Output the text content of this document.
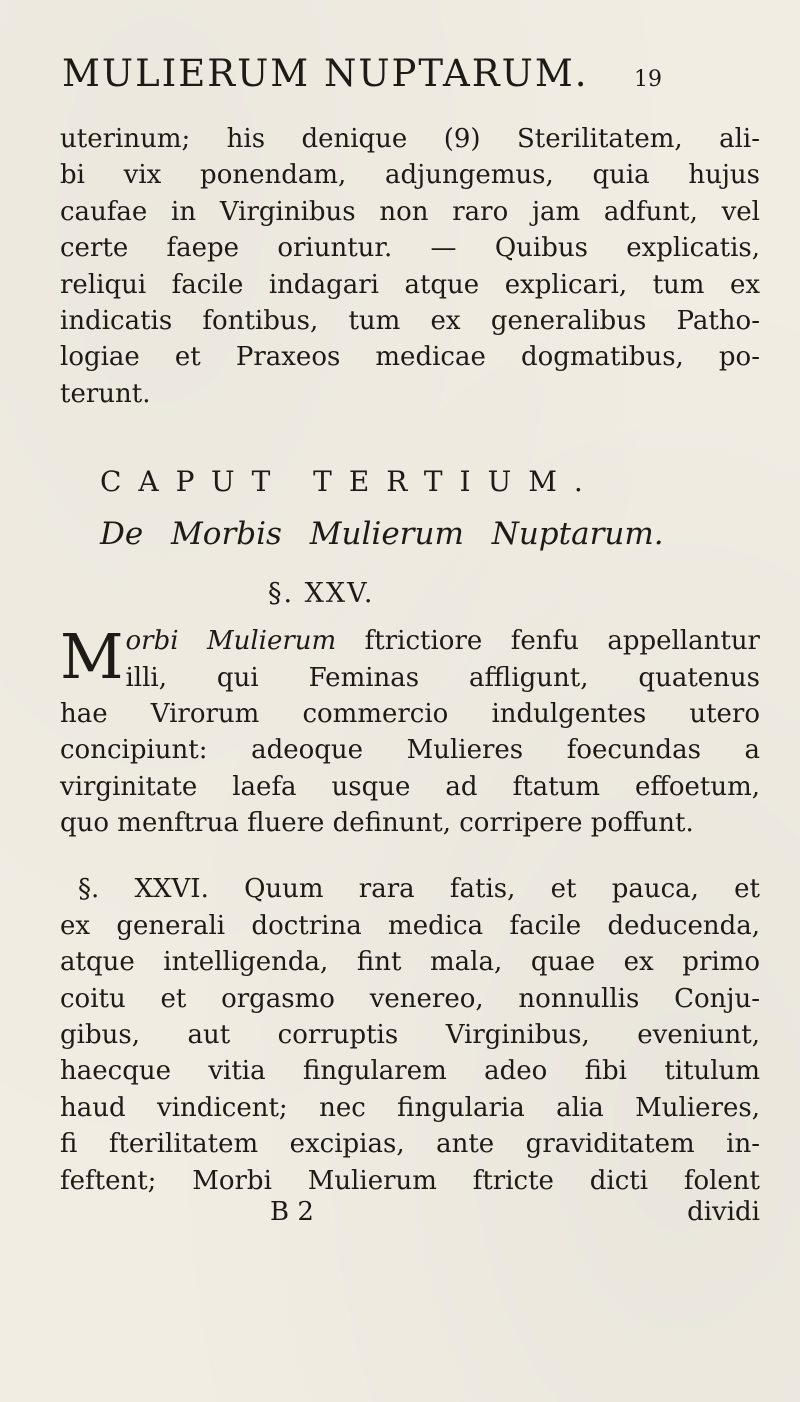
MULIERUM NUPTARUM. 19

uterinum; his denique (9) Sterilitatem, ali-
bi vix ponendam, adjungemus, quia hujus
caufae in Virginibus non raro jam adfunt, vel
certe faepe oriuntur. — Quibus explicatis,
reliqui facile indagari atque explicari, tum ex
indicatis fontibus, tum ex generalibus Patho-
logiae et Praxeos medicae dogmatibus, po-
terunt.

CAPUT TERTIUM.
De Morbis Mulierum Nuptarum.
§. XXV.

M orbi Mulierum ftrictiore fenfu appellantur
illi, qui Feminas affligunt, quatenus
hae Virorum commercio indulgentes utero
concipiunt: adeoque Mulieres foecundas a
virginitate laefa usque ad ftatum effoetum,
quo menftrua fluere definunt, corripere poffunt.

§. XXVI. Quum rara fatis, et pauca, et
ex generali doctrina medica facile deducenda,
atque intelligenda, fint mala, quae ex primo
coitu et orgasmo venereo, nonnullis Conju-
gibus, aut corruptis Virginibus, eveniunt,
haecque vitia fingularem adeo fibi titulum
haud vindicent; nec fingularia alia Mulieres,
fi fterilitatem excipias, ante graviditatem in-
feftent; Morbi Mulierum ftricte dicti folent

B 2	dividi
